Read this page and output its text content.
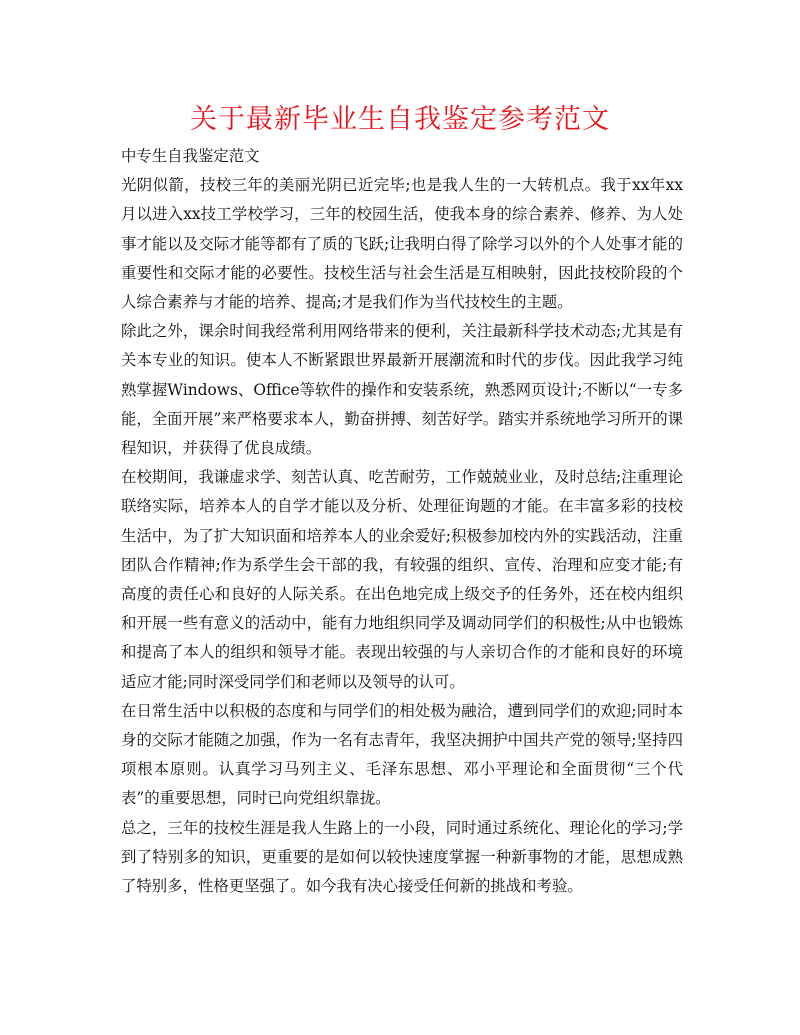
关于最新毕业生自我鉴定参考范文

中专生自我鉴定范文

光阴似箭，技校三年的美丽光阴已近完毕;也是我人生的一大转机点。我于xx年xx月以进入xx技工学校学习，三年的校园生活，使我本身的综合素养、修养、为人处事才能以及交际才能等都有了质的飞跃;让我明白得了除学习以外的个人处事才能的重要性和交际才能的必要性。技校生活与社会生活是互相映射，因此技校阶段的个人综合素养与才能的培养、提高;才是我们作为当代技校生的主题。

除此之外，课余时间我经常利用网络带来的便利，关注最新科学技术动态;尤其是有关本专业的知识。使本人不断紧跟世界最新开展潮流和时代的步伐。因此我学习纯熟掌握Windows、Office等软件的操作和安装系统，熟悉网页设计;不断以“一专多能，全面开展”来严格要求本人，勤奋拼搏、刻苦好学。踏实并系统地学习所开的课程知识，并获得了优良成绩。

在校期间，我谦虚求学、刻苦认真、吃苦耐劳，工作兢兢业业，及时总结;注重理论联络实际，培养本人的自学才能以及分析、处理征询题的才能。在丰富多彩的技校生活中，为了扩大知识面和培养本人的业余爱好;积极参加校内外的实践活动，注重团队合作精神;作为系学生会干部的我，有较强的组织、宣传、治理和应变才能;有高度的责任心和良好的人际关系。在出色地完成上级交予的任务外，还在校内组织和开展一些有意义的活动中，能有力地组织同学及调动同学们的积极性;从中也锻炼和提高了本人的组织和领导才能。表现出较强的与人亲切合作的才能和良好的环境适应才能;同时深受同学们和老师以及领导的认可。

在日常生活中以积极的态度和与同学们的相处极为融洽，遭到同学们的欢迎;同时本身的交际才能随之加强，作为一名有志青年，我坚决拥护中国共产党的领导;坚持四项根本原则。认真学习马列主义、毛泽东思想、邓小平理论和全面贯彻“三个代表”的重要思想，同时已向党组织靠拢。

总之，三年的技校生涯是我人生路上的一小段，同时通过系统化、理论化的学习;学到了特别多的知识，更重要的是如何以较快速度掌握一种新事物的才能，思想成熟了特别多，性格更坚强了。如今我有决心接受任何新的挑战和考验。
